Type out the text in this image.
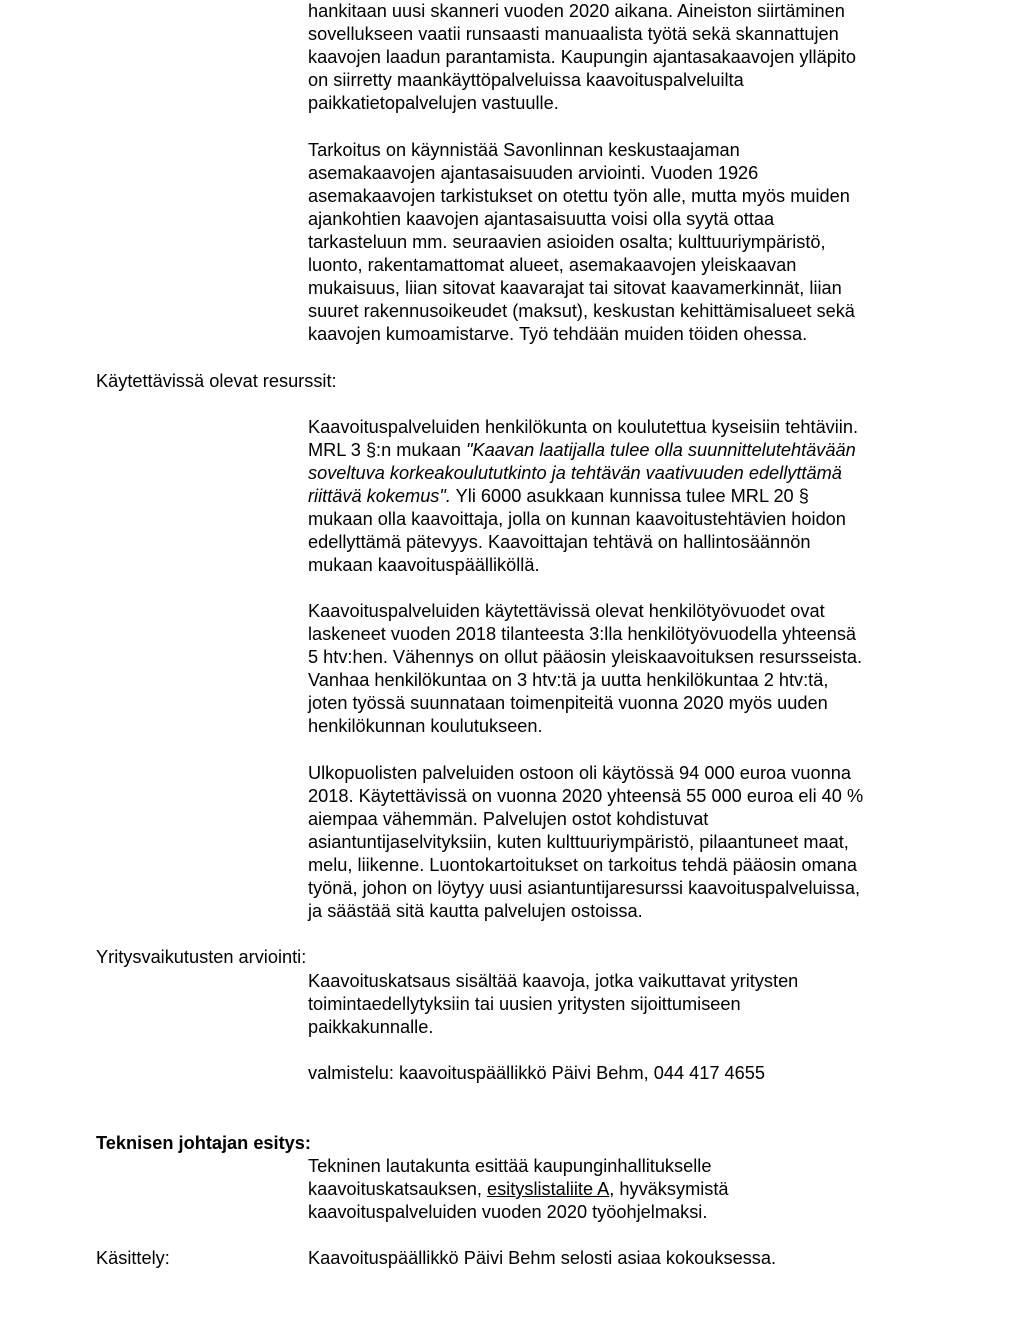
hankitaan uusi skanneri vuoden 2020 aikana. Aineiston siirtäminen
sovellukseen vaatii runsaasti manuaalista työtä sekä skannattujen
kaavojen laadun parantamista. Kaupungin ajantasakaavojen ylläpito
on siirretty maankäyttöpalveluissa kaavoituspalveluilta
paikkatietopalvelujen vastuulle.
Tarkoitus on käynnistää Savonlinnan keskustaajaman
asemakaavojen ajantasaisuuden arviointi. Vuoden 1926
asemakaavojen tarkistukset on otettu työn alle, mutta myös muiden
ajankohtien kaavojen ajantasaisuutta voisi olla syytä ottaa
tarkasteluun mm. seuraavien asioiden osalta; kulttuuriympäristö,
luonto, rakentamattomat alueet, asemakaavojen yleiskaavan
mukaisuus, liian sitovat kaavarajat tai sitovat kaavamerkinnät, liian
suuret rakennusoikeudet (maksut), keskustan kehittämisalueet sekä
kaavojen kumoamistarve. Työ tehdään muiden töiden ohessa.
Käytettävissä olevat resurssit:
Kaavoituspalveluiden henkilökunta on koulutettua kyseisiin tehtäviin.
MRL 3 §:n mukaan "Kaavan laatijalla tulee olla suunnittelutehtävään
soveltuva korkeakoulututkinto ja tehtävän vaativuuden edellyttämä
riittävä kokemus". Yli 6000 asukkaan kunnissa tulee MRL 20 §
mukaan olla kaavoittaja, jolla on kunnan kaavoitustehtävien hoidon
edellyttämä pätevyys. Kaavoittajan tehtävä on hallintosäännön
mukaan kaavoituspäälliköllä.
Kaavoituspalveluiden käytettävissä olevat henkilötyövuodet ovat
laskeneet vuoden 2018 tilanteesta 3:lla henkilötyövuodella yhteensä
5 htv:hen. Vähennys on ollut pääosin yleiskaavoituksen resursseista.
Vanhaa henkilökuntaa on 3 htv:tä ja uutta henkilökuntaa 2 htv:tä,
joten työssä suunnataan toimenpiteitä vuonna 2020 myös uuden
henkilökunnan koulutukseen.
Ulkopuolisten palveluiden ostoon oli käytössä 94 000 euroa vuonna
2018. Käytettävissä on vuonna 2020 yhteensä 55 000 euroa eli 40 %
aiempaa vähemmän. Palvelujen ostot kohdistuvat
asiantuntijaselvityksiin, kuten kulttuuriympäristö, pilaantuneet maat,
melu, liikenne. Luontokartoitukset on tarkoitus tehdä pääosin omana
työnä, johon on löytyy uusi asiantuntijaresurssi kaavoituspalveluissa,
ja säästää sitä kautta palvelujen ostoissa.
Yritysvaikutusten arviointi:
Kaavoituskatsaus sisältää kaavoja, jotka vaikuttavat yritysten
toimintaedellytyksiin tai uusien yritysten sijoittumiseen
paikkakunnalle.
valmistelu: kaavoituspäällikkö Päivi Behm, 044 417 4655
Teknisen johtajan esitys:
Tekninen lautakunta esittää kaupunginhallitukselle
kaavoituskatsauksen, esityslistaliite A, hyväksymistä
kaavoituspalveluiden vuoden 2020 työohjelmaksi.
Käsittely:	Kaavoituspäällikkö Päivi Behm selosti asiaa kokouksessa.
